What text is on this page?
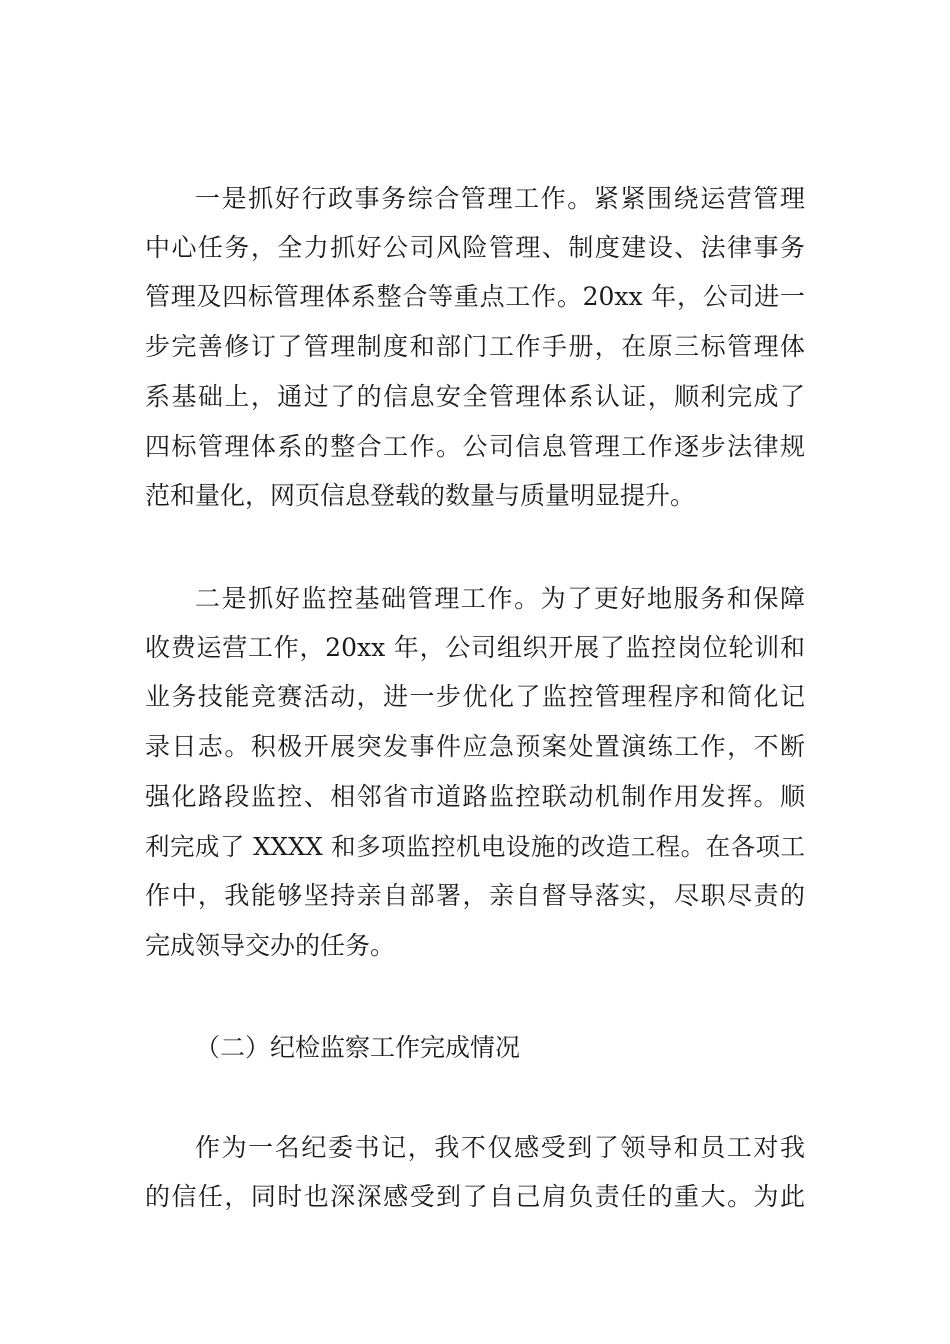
一是抓好行政事务综合管理工作。紧紧围绕运营管理
中心任务，全力抓好公司风险管理、制度建设、法律事务
管理及四标管理体系整合等重点工作。20xx 年，公司进一
步完善修订了管理制度和部门工作手册，在原三标管理体
系基础上，通过了的信息安全管理体系认证，顺利完成了
四标管理体系的整合工作。公司信息管理工作逐步法律规
范和量化，网页信息登载的数量与质量明显提升。
二是抓好监控基础管理工作。为了更好地服务和保障
收费运营工作，20xx 年，公司组织开展了监控岗位轮训和
业务技能竞赛活动，进一步优化了监控管理程序和简化记
录日志。积极开展突发事件应急预案处置演练工作，不断
强化路段监控、相邻省市道路监控联动机制作用发挥。顺
利完成了 XXXX 和多项监控机电设施的改造工程。在各项工
作中，我能够坚持亲自部署，亲自督导落实，尽职尽责的
完成领导交办的任务。
（二）纪检监察工作完成情况
作为一名纪委书记，我不仅感受到了领导和员工对我
的信任，同时也深深感受到了自己肩负责任的重大。为此
